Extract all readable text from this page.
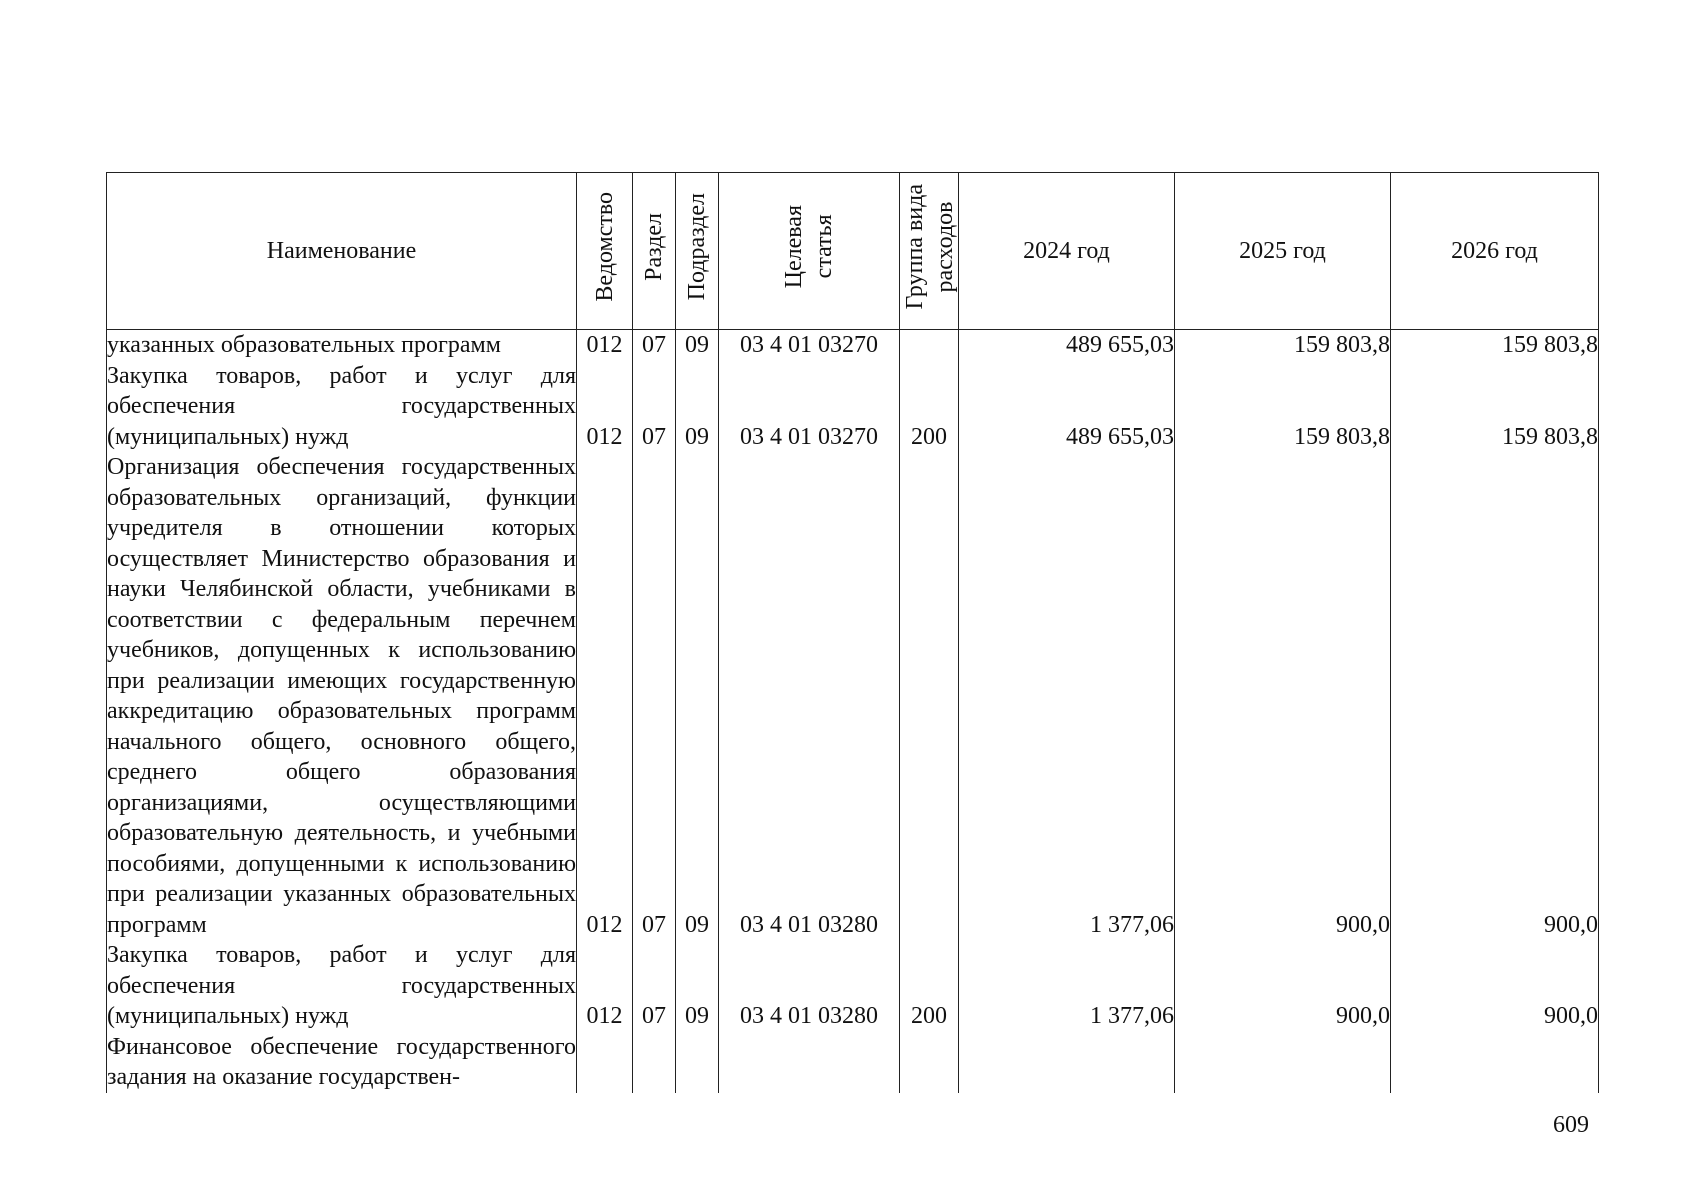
Наименование	Ведомство	Раздел	Подраздел	Целевая статья	Группа вида расходов	2024 год	2025 год	2026 год
указанных образовательных программ	012	07	09	03 4 01 03270		489 655,03	159 803,8	159 803,8
Закупка товаров, работ и услуг для обеспечения государственных (муниципальных) нужд	012	07	09	03 4 01 03270	200	489 655,03	159 803,8	159 803,8
Организация обеспечения государственных образовательных организаций, функции учредителя в отношении которых осуществляет Министерство образования и науки Челябинской области, учебниками в соответствии с федеральным перечнем учебников, допущенных к использованию при реализации имеющих государственную аккредитацию образовательных программ начального общего, основного общего, среднего общего образования организациями, осуществляющими образовательную деятельность, и учебными пособиями, допущенными к использованию при реализации указанных образовательных программ	012	07	09	03 4 01 03280		1 377,06	900,0	900,0
Закупка товаров, работ и услуг для обеспечения государственных (муниципальных) нужд	012	07	09	03 4 01 03280	200	1 377,06	900,0	900,0
Финансовое обеспечение государственного задания на оказание государствен-								
609
